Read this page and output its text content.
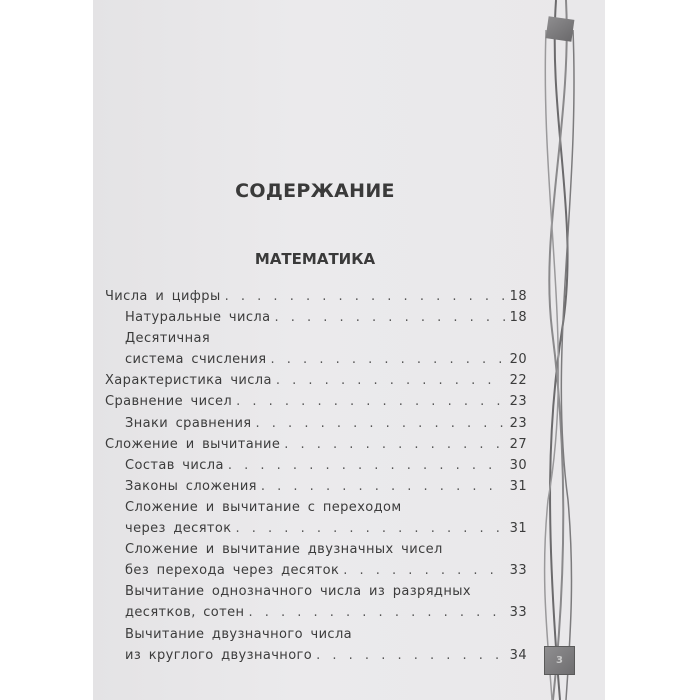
СОДЕРЖАНИЕ
МАТЕМАТИКА
Числа и цифры . . .	18
Натуральные числа . . .	18
Десятичная
система счисления . . .	20
Характеристика числа . . .	22
Сравнение чисел . . .	23
Знаки сравнения . . .	23
Сложение и вычитание . . .	27
Состав числа . . .	30
Законы сложения . . .	31
Сложение и вычитание с переходом
через десяток . . .	31
Сложение и вычитание двузначных чисел
без перехода через десяток . . .	33
Вычитание однозначного числа из разрядных
десятков, сотен . . .	33
Вычитание двузначного числа
из круглого двузначного . . .	34	3
